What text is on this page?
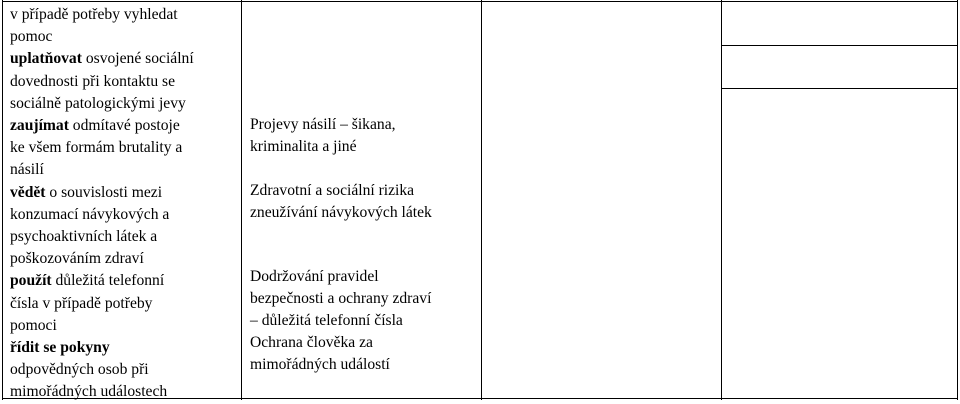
v případě potřeby vyhledat
pomoc
uplatňovat osvojené sociální
dovednosti při kontaktu se
sociálně patologickými jevy
zaujímat odmítavé postoje
ke všem formám brutality a
násilí
vědět o souvislosti mezi
konzumací návykových a
psychoaktivních látek a
poškozováním zdraví
použít důležitá telefonní
čísla v případě potřeby
pomoci
řídit se pokyny
odpovědných osob při
mimořádných událostech
Projevy násilí – šikana,
kriminalita a jiné
Zdravotní a sociální rizika
zneužívání návykových látek
Dodržování pravidel
bezpečnosti a ochrany zdraví
– důležitá telefonní čísla
Ochrana člověka za
mimořádných událostí
